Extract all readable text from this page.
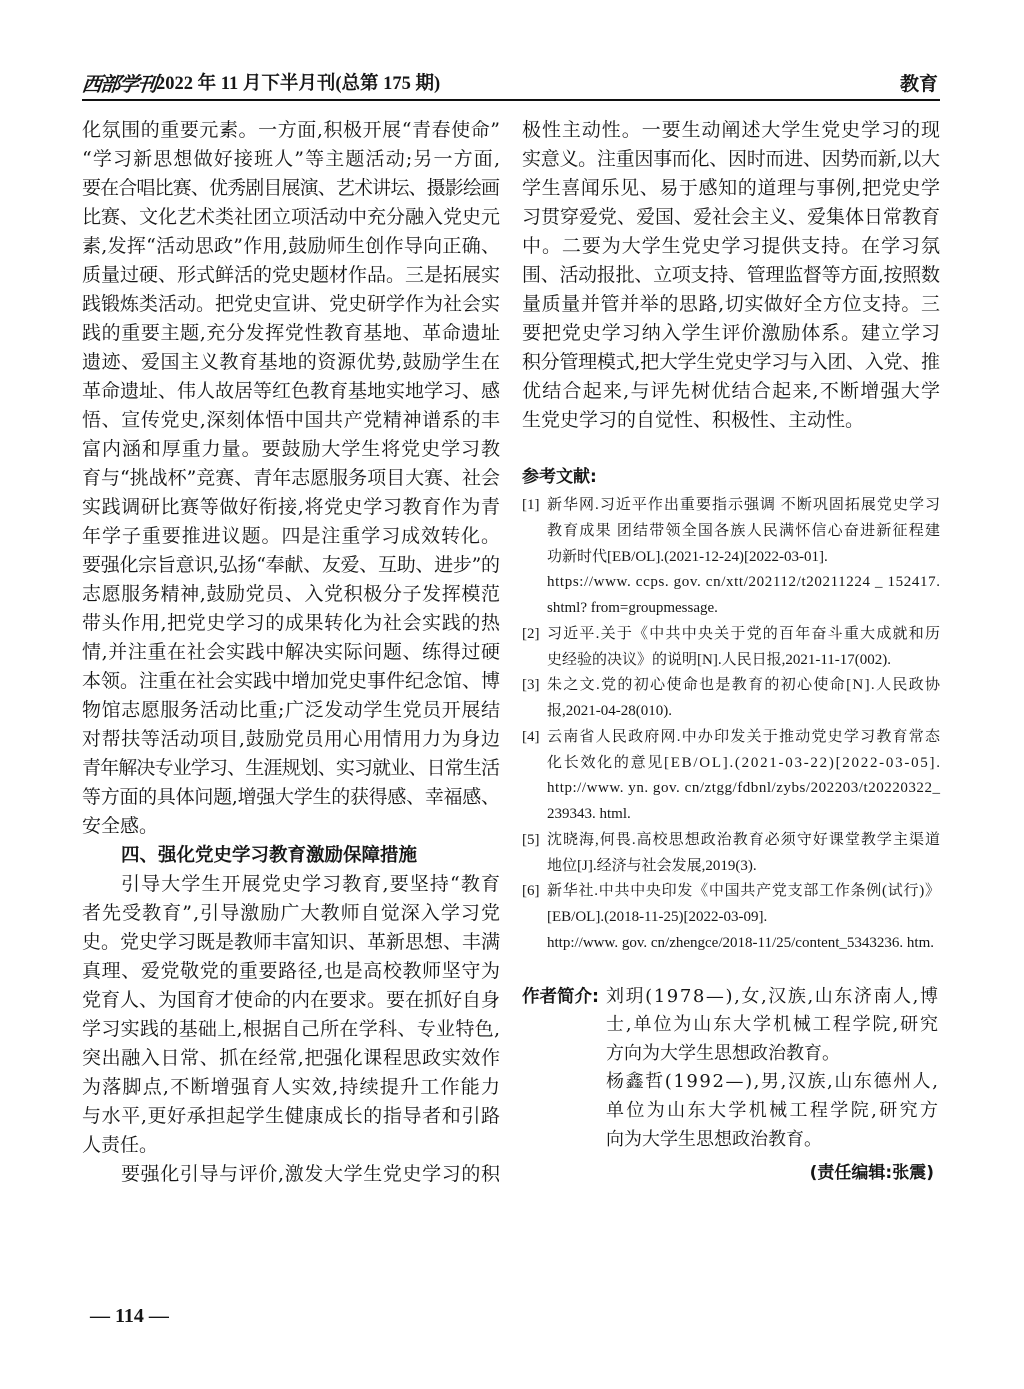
西部学刊
2022 年 11 月下半月刊(总第 175 期)	教育
化氛围的重要元素。一方面,积极开展“青春使命”
“学习新思想做好接班人”等主题活动;另一方面,
要在合唱比赛、优秀剧目展演、艺术讲坛、摄影绘画
比赛、文化艺术类社团立项活动中充分融入党史元
素,发挥“活动思政”作用,鼓励师生创作导向正确、
质量过硬、形式鲜活的党史题材作品。三是拓展实
践锻炼类活动。把党史宣讲、党史研学作为社会实
践的重要主题,充分发挥党性教育基地、革命遗址
遗迹、爱国主义教育基地的资源优势,鼓励学生在
革命遗址、伟人故居等红色教育基地实地学习、感
悟、宣传党史,深刻体悟中国共产党精神谱系的丰
富内涵和厚重力量。要鼓励大学生将党史学习教
育与“挑战杯”竞赛、青年志愿服务项目大赛、社会
实践调研比赛等做好衔接,将党史学习教育作为青
年学子重要推进议题。四是注重学习成效转化。
要强化宗旨意识,弘扬“奉献、友爱、互助、进步”的
志愿服务精神,鼓励党员、入党积极分子发挥模范
带头作用,把党史学习的成果转化为社会实践的热
情,并注重在社会实践中解决实际问题、练得过硬
本领。注重在社会实践中增加党史事件纪念馆、博
物馆志愿服务活动比重;广泛发动学生党员开展结
对帮扶等活动项目,鼓励党员用心用情用力为身边
青年解决专业学习、生涯规划、实习就业、日常生活
等方面的具体问题,增强大学生的获得感、幸福感、
安全感。
四、强化党史学习教育激励保障措施
引导大学生开展党史学习教育,要坚持“教育
者先受教育”,引导激励广大教师自觉深入学习党
史。党史学习既是教师丰富知识、革新思想、丰满
真理、爱党敬党的重要路径,也是高校教师坚守为
党育人、为国育才使命的内在要求。要在抓好自身
学习实践的基础上,根据自己所在学科、专业特色,
突出融入日常、抓在经常,把强化课程思政实效作
为落脚点,不断增强育人实效,持续提升工作能力
与水平,更好承担起学生健康成长的指导者和引路
人责任。
要强化引导与评价,激发大学生党史学习的积
极性主动性。一要生动阐述大学生党史学习的现
实意义。注重因事而化、因时而进、因势而新,以大
学生喜闻乐见、易于感知的道理与事例,把党史学
习贯穿爱党、爱国、爱社会主义、爱集体日常教育
中。二要为大学生党史学习提供支持。在学习氛
围、活动报批、立项支持、管理监督等方面,按照数
量质量并管并举的思路,切实做好全方位支持。三
要把党史学习纳入学生评价激励体系。建立学习
积分管理模式,把大学生党史学习与入团、入党、推
优结合起来,与评先树优结合起来,不断增强大学
生党史学习的自觉性、积极性、主动性。
参考文献:
[1] 新华网.习近平作出重要指示强调 不断巩固拓展党史学习
教育成果 团结带领全国各族人民满怀信心奋进新征程建
功新时代[EB/OL].(2021-12-24)[2022-03-01].
https://www. ccps. gov. cn/xtt/202112/t20211224 _ 152417.
shtml? from=groupmessage.
[2] 习近平.关于《中共中央关于党的百年奋斗重大成就和历
史经验的决议》的说明[N].人民日报,2021-11-17(002).
[3] 朱之文.党的初心使命也是教育的初心使命[N].人民政协
报,2021-04-28(010).
[4] 云南省人民政府网.中办印发关于推动党史学习教育常态
化长效化的意见[EB/OL].(2021-03-22)[2022-03-05].
http://www. yn. gov. cn/ztgg/fdbnl/zybs/202203/t20220322_
239343. html.
[5] 沈晓海,何畏.高校思想政治教育必须守好课堂教学主渠道
地位[J].经济与社会发展,2019(3).
[6] 新华社.中共中央印发《中国共产党支部工作条例(试行)》
[EB/OL].(2018-11-25)[2022-03-09].
http://www. gov. cn/zhengce/2018-11/25/content_5343236. htm.
作者简介: 刘玥(1978—),女,汉族,山东济南人,博
士,单位为山东大学机械工程学院,研究
方向为大学生思想政治教育。
杨鑫哲(1992—),男,汉族,山东德州人,
单位为山东大学机械工程学院,研究方
向为大学生思想政治教育。
(责任编辑:张震)
— 114 —
